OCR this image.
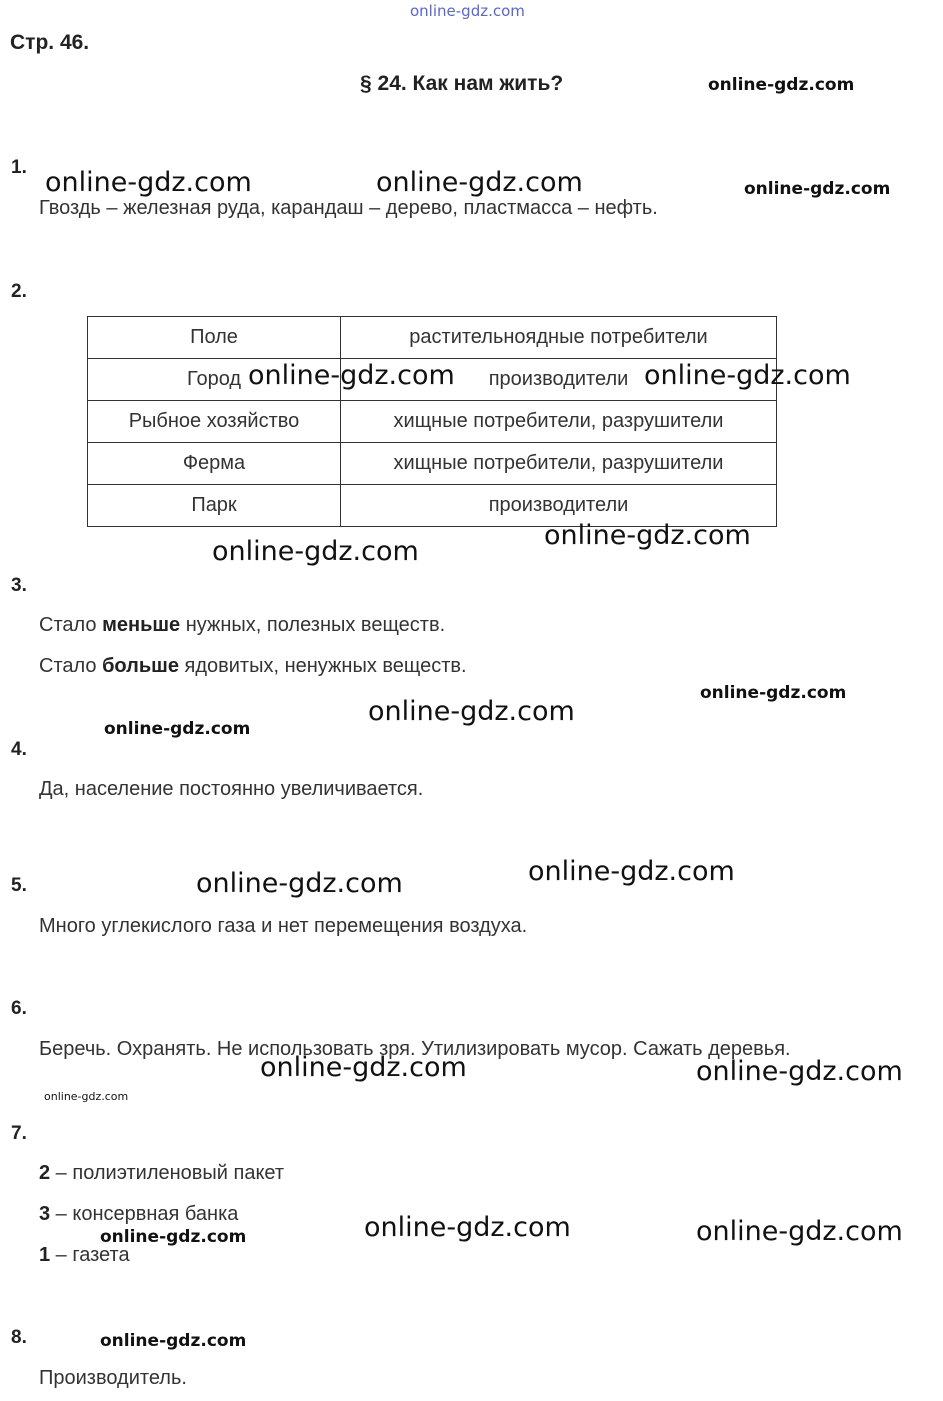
online-gdz.com
Стр. 46.
§ 24. Как нам жить?
1.
Гвоздь – железная руда, карандаш – дерево, пластмасса – нефть.
2.
Поле	растительноядные потребители
Город	производители
Рыбное хозяйство	хищные потребители, разрушители
Ферма	хищные потребители, разрушители
Парк	производители
3.
Стало меньше нужных, полезных веществ.
Стало больше ядовитых, ненужных веществ.
4.
Да, население постоянно увеличивается.
5.
Много углекислого газа и нет перемещения воздуха.
6.
Беречь. Охранять. Не использовать зря. Утилизировать мусор. Сажать деревья.
7.
2 – полиэтиленовый пакет
3 – консервная банка
1 – газета
8.
Производитель.
online-gdz.com
online-gdz.com	online-gdz.com	online-gdz.com
online-gdz.com	online-gdz.com
online-gdz.com
online-gdz.com
online-gdz.com
online-gdz.com
online-gdz.com
online-gdz.com
online-gdz.com
online-gdz.com	online-gdz.com
online-gdz.com
online-gdz.com	online-gdz.com
online-gdz.com
online-gdz.com
